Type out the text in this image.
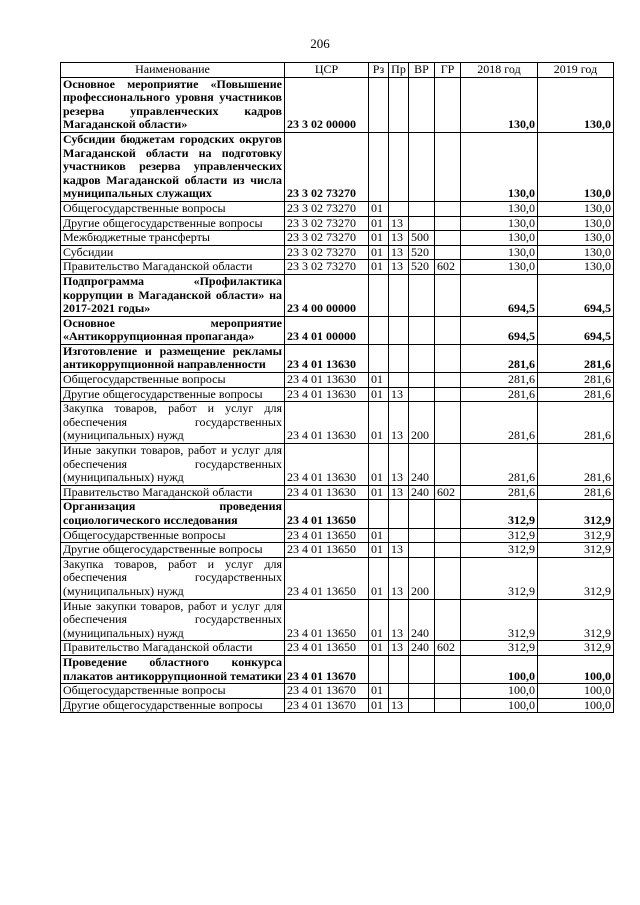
206
Наименование	ЦСР	Рз	Пр	ВР	ГР	2018 год	2019 год
Основное мероприятие «Повышение профессионального уровня участников резерва управленческих кадров Магаданской области»	23 3 02 00000					130,0	130,0
Субсидии бюджетам городских округов Магаданской области на подготовку участников резерва управленческих кадров Магаданской области из числа муниципальных служащих	23 3 02 73270					130,0	130,0
Общегосударственные вопросы	23 3 02 73270	01				130,0	130,0
Другие общегосударственные вопросы	23 3 02 73270	01	13			130,0	130,0
Межбюджетные трансферты	23 3 02 73270	01	13	500		130,0	130,0
Субсидии	23 3 02 73270	01	13	520		130,0	130,0
Правительство Магаданской области	23 3 02 73270	01	13	520	602	130,0	130,0
Подпрограмма «Профилактика коррупции в Магаданской области» на 2017-2021 годы»	23 4 00 00000					694,5	694,5
Основное мероприятие «Антикоррупционная пропаганда»	23 4 01 00000					694,5	694,5
Изготовление и размещение рекламы антикоррупционной направленности	23 4 01 13630					281,6	281,6
Общегосударственные вопросы	23 4 01 13630	01				281,6	281,6
Другие общегосударственные вопросы	23 4 01 13630	01	13			281,6	281,6
Закупка товаров, работ и услуг для обеспечения государственных (муниципальных) нужд	23 4 01 13630	01	13	200		281,6	281,6
Иные закупки товаров, работ и услуг для обеспечения государственных (муниципальных) нужд	23 4 01 13630	01	13	240		281,6	281,6
Правительство Магаданской области	23 4 01 13630	01	13	240	602	281,6	281,6
Организация проведения социологического исследования	23 4 01 13650					312,9	312,9
Общегосударственные вопросы	23 4 01 13650	01				312,9	312,9
Другие общегосударственные вопросы	23 4 01 13650	01	13			312,9	312,9
Закупка товаров, работ и услуг для обеспечения государственных (муниципальных) нужд	23 4 01 13650	01	13	200		312,9	312,9
Иные закупки товаров, работ и услуг для обеспечения государственных (муниципальных) нужд	23 4 01 13650	01	13	240		312,9	312,9
Правительство Магаданской области	23 4 01 13650	01	13	240	602	312,9	312,9
Проведение областного конкурса плакатов антикоррупционной тематики	23 4 01 13670					100,0	100,0
Общегосударственные вопросы	23 4 01 13670	01				100,0	100,0
Другие общегосударственные вопросы	23 4 01 13670	01	13			100,0	100,0
